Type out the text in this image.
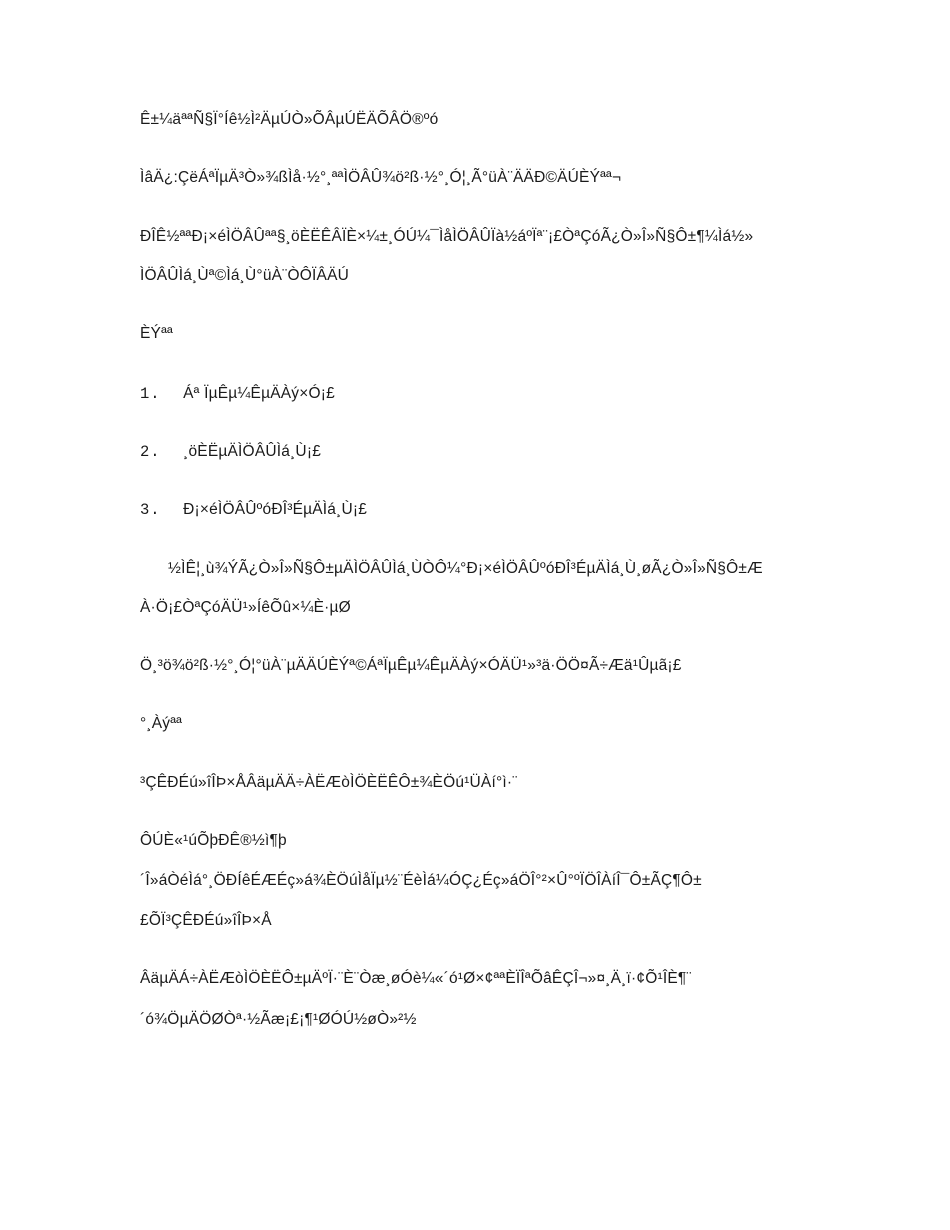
Ê±¼äªªÑ§Ï°Íê½Ì²ÄµÚÒ»ÕÂµÚËÄÕÂÖ®ºó
ÌâÄ¿:ÇëÁªÏµÄ³Ò»¾ßÌå·½°¸ªªÌÖÂÛ¾ö²ß·½°¸Ó¦¸Ã°üÀ¨ÄÄÐ©ÄÚÈÝªª¬
ÐÎÊ½ªªÐ¡×éÌÖÂÛªª§¸öÈËÊÂÏÈ×¼±¸ÓÚ¼¯ÌåÌÖÂÛÏà½áºÏª¨¡£ÒªÇóÃ¿Ò»Î»Ñ§Ô±¶¼Ìá½»
ÌÖÂÛÌá¸Ùª©Ìá¸Ù°üÀ¨ÒÔÏÂÄÚ
ÈÝªª
1. Áª ÏµÊµ¼ÊµÄÀý×Ó¡£
2. ¸öÈËµÄÌÖÂÛÌá¸Ù¡£
3. Ð¡×éÌÖÂÛºóÐÎ³ÉµÄÌá¸Ù¡£
½ÌÊ¦¸ù¾ÝÃ¿Ò»Î»Ñ§Ô±µÄÌÖÂÛÌá¸ÙÒÔ¼°Ð¡×éÌÖÂÛºóÐÎ³ÉµÄÌá¸Ù¸øÃ¿Ò»Î»Ñ§Ô±Æ
À·Ö¡£ÒªÇóÄÜ¹»ÍêÕû×¼È·µØ
Ö¸³ö¾ö²ß·½°¸Ó¦°üÀ¨µÄÄÚÈÝª©ÁªÏµÊµ¼ÊµÄÀý×ÓÄÜ¹»³ä·ÖÖ¤Ã÷Æä¹Ûµã¡£
°¸Àýªª
³ÇÊÐÉú»îÎÞ×ÅÂäµÄÄ÷ÀËÆòÌÖÈËÊÔ±¾ÈÖú¹ÜÀí°ì·¨
ÔÚÈ«¹úÕþÐÊ®½ì¶þ
´Î»áÒéÌá°¸ÖÐÍêÉÆÉç»á¾ÈÖúÌåÏµ½¨ÉèÌá¼ÓÇ¿Éç»áÖÎ°²×Û°ºÏÖÎÀíÎ¯Ô±ÃÇ¶Ô±
£ÕÏ³ÇÊÐÉú»îÎÞ×Å
ÂäµÄÁ÷ÀËÆòÌÖÈËÔ±µÄºÏ·¨È¨Òæ¸øÓè¼«´ó¹Ø×¢ªªÈÏÎªÕâÊÇÎ¬»¤¸Ä¸ï·¢Õ¹ÎÈ¶¨
´ó¾ÖµÄÖØÒª·½Ãæ¡£¡¶¹ØÓÚ½øÒ»²½
